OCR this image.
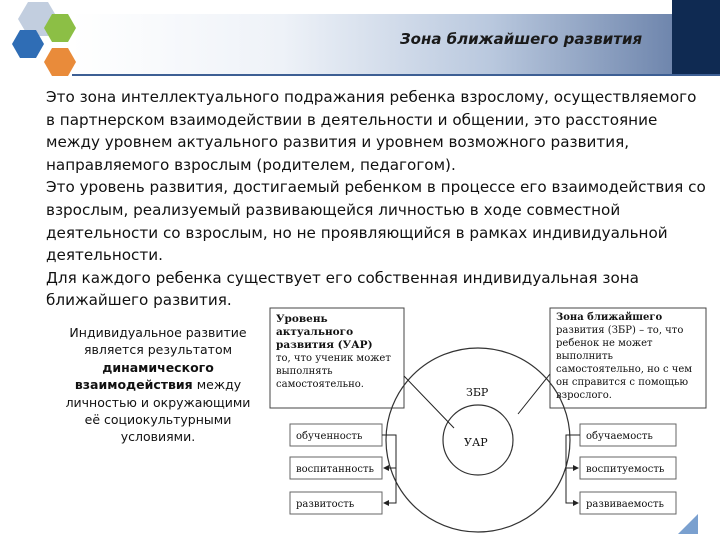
Зона ближайшего развития

Это зона интеллектуального подражания ребенка взрослому, осуществляемого в партнерском взаимодействии в деятельности и общении, это расстояние между уровнем актуального развития и уровнем возможного развития, направляемого взрослым (родителем, педагогом).

Это уровень развития, достигаемый ребенком в процессе его взаимодействия со взрослым, реализуемый развивающейся личностью в ходе совместной деятельности со взрослым, но не проявляющийся в рамках индивидуальной деятельности.

Для каждого ребенка существует его собственная индивидуальная зона ближайшего развития.

Индивидуальное развитие является результатом динамического взаимодействия между личностью и окружающими её социокультурными условиями.
Уровень
актуального
развития (УАР)
то, что ученик может
выполнять
самостоятельно.
Зона ближайшего
развития (ЗБР) – то, что
ребенок не может
выполнить
самостоятельно, но с чем
он справится с помощью
взрослого.
ЗБР
УАР
обученность
воспитанность
развитость
обучаемость
воспитуемость
развиваемость
